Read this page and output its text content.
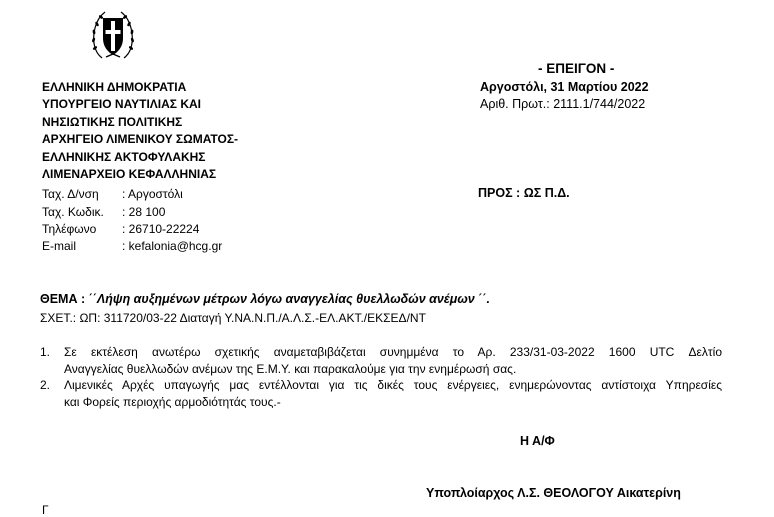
ΕΛΛΗΝΙΚΗ ΔΗΜΟΚΡΑΤΙΑ
ΥΠΟΥΡΓΕΙΟ ΝΑΥΤΙΛΙΑΣ ΚΑΙ
ΝΗΣΙΩΤΙΚΗΣ ΠΟΛΙΤΙΚΗΣ
ΑΡΧΗΓΕΙΟ ΛΙΜΕΝΙΚΟΥ ΣΩΜΑΤΟΣ-
ΕΛΛΗΝΙΚΗΣ ΑΚΤΟΦΥΛΑΚΗΣ
ΛΙΜΕΝΑΡΧΕΙΟ ΚΕΦΑΛΛΗΝΙΑΣ
- ΕΠΕΙΓΟΝ -
Αργοστόλι, 31 Μαρτίου 2022
Αριθ. Πρωτ.: 2111.1/744/2022
ΠΡΟΣ : ΩΣ Π.Δ.
Ταχ. Δ/νση : Αργοστόλι
Ταχ. Κωδικ. : 28 100
Τηλέφωνο : 26710-22224
E-mail	: kefalonia@hcg.gr
ΘΕΜΑ : ΄΄Λήψη αυξημένων μέτρων λόγω αναγγελίας θυελλωδών ανέμων ΄΄.
ΣΧΕΤ.: ΩΠ: 311720/03-22 Διαταγή Υ.ΝΑ.Ν.Π./Α.Λ.Σ.-ΕΛ.ΑΚΤ./ΕΚΣΕΔ/ΝΤ
1. Σε εκτέλεση ανωτέρω σχετικής αναμεταβιβάζεται συνημμένα το Αρ. 233/31-03-2022 1600 UTC Δελτίο
Αναγγελίας θυελλωδών ανέμων της Ε.Μ.Υ. και παρακαλούμε για την ενημέρωσή σας.
2. Λιμενικές Αρχές υπαγωγής μας εντέλλονται για τις δικές τους ενέργειες, ενημερώνοντας αντίστοιχα Υπηρεσίες
και Φορείς περιοχής αρμοδιότητάς τους.-
Η Α/Φ
Υποπλοίαρχος Λ.Σ. ΘΕΟΛΟΓΟΥ Αικατερίνη
Γ
